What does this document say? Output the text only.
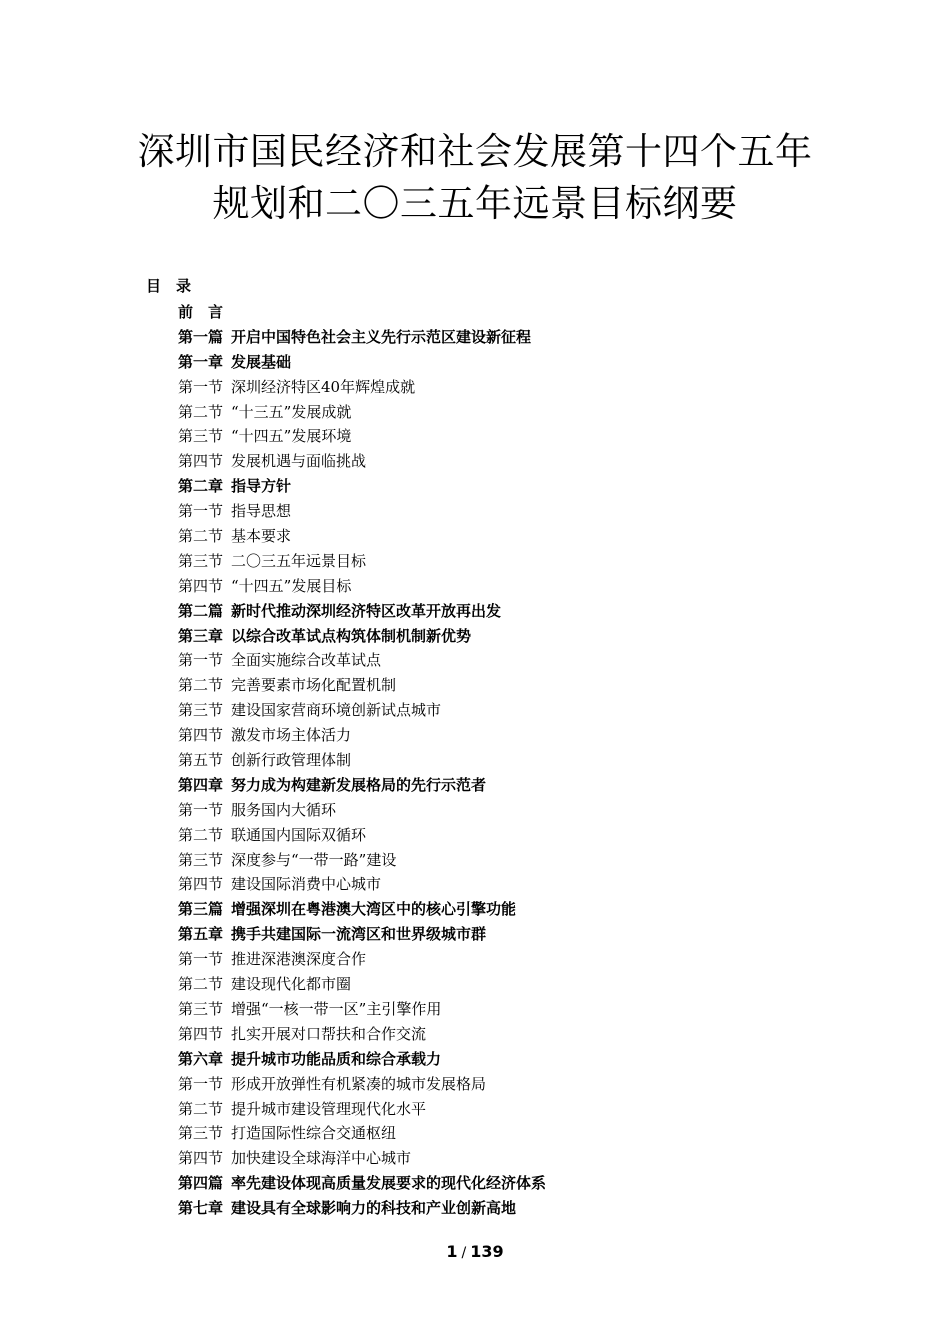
深圳市国民经济和社会发展第十四个五年
规划和二〇三五年远景目标纲要
目　录
前　言
第一篇 开启中国特色社会主义先行示范区建设新征程
第一章 发展基础
第一节 深圳经济特区40年辉煌成就
第二节 “十三五”发展成就
第三节 “十四五”发展环境
第四节 发展机遇与面临挑战
第二章 指导方针
第一节 指导思想
第二节 基本要求
第三节 二〇三五年远景目标
第四节 “十四五”发展目标
第二篇 新时代推动深圳经济特区改革开放再出发
第三章 以综合改革试点构筑体制机制新优势
第一节 全面实施综合改革试点
第二节 完善要素市场化配置机制
第三节 建设国家营商环境创新试点城市
第四节 激发市场主体活力
第五节 创新行政管理体制
第四章 努力成为构建新发展格局的先行示范者
第一节 服务国内大循环
第二节 联通国内国际双循环
第三节 深度参与“一带一路”建设
第四节 建设国际消费中心城市
第三篇 增强深圳在粤港澳大湾区中的核心引擎功能
第五章 携手共建国际一流湾区和世界级城市群
第一节 推进深港澳深度合作
第二节 建设现代化都市圈
第三节 增强“一核一带一区”主引擎作用
第四节 扎实开展对口帮扶和合作交流
第六章 提升城市功能品质和综合承载力
第一节 形成开放弹性有机紧凑的城市发展格局
第二节 提升城市建设管理现代化水平
第三节 打造国际性综合交通枢纽
第四节 加快建设全球海洋中心城市
第四篇 率先建设体现高质量发展要求的现代化经济体系
第七章 建设具有全球影响力的科技和产业创新高地
1 / 139
